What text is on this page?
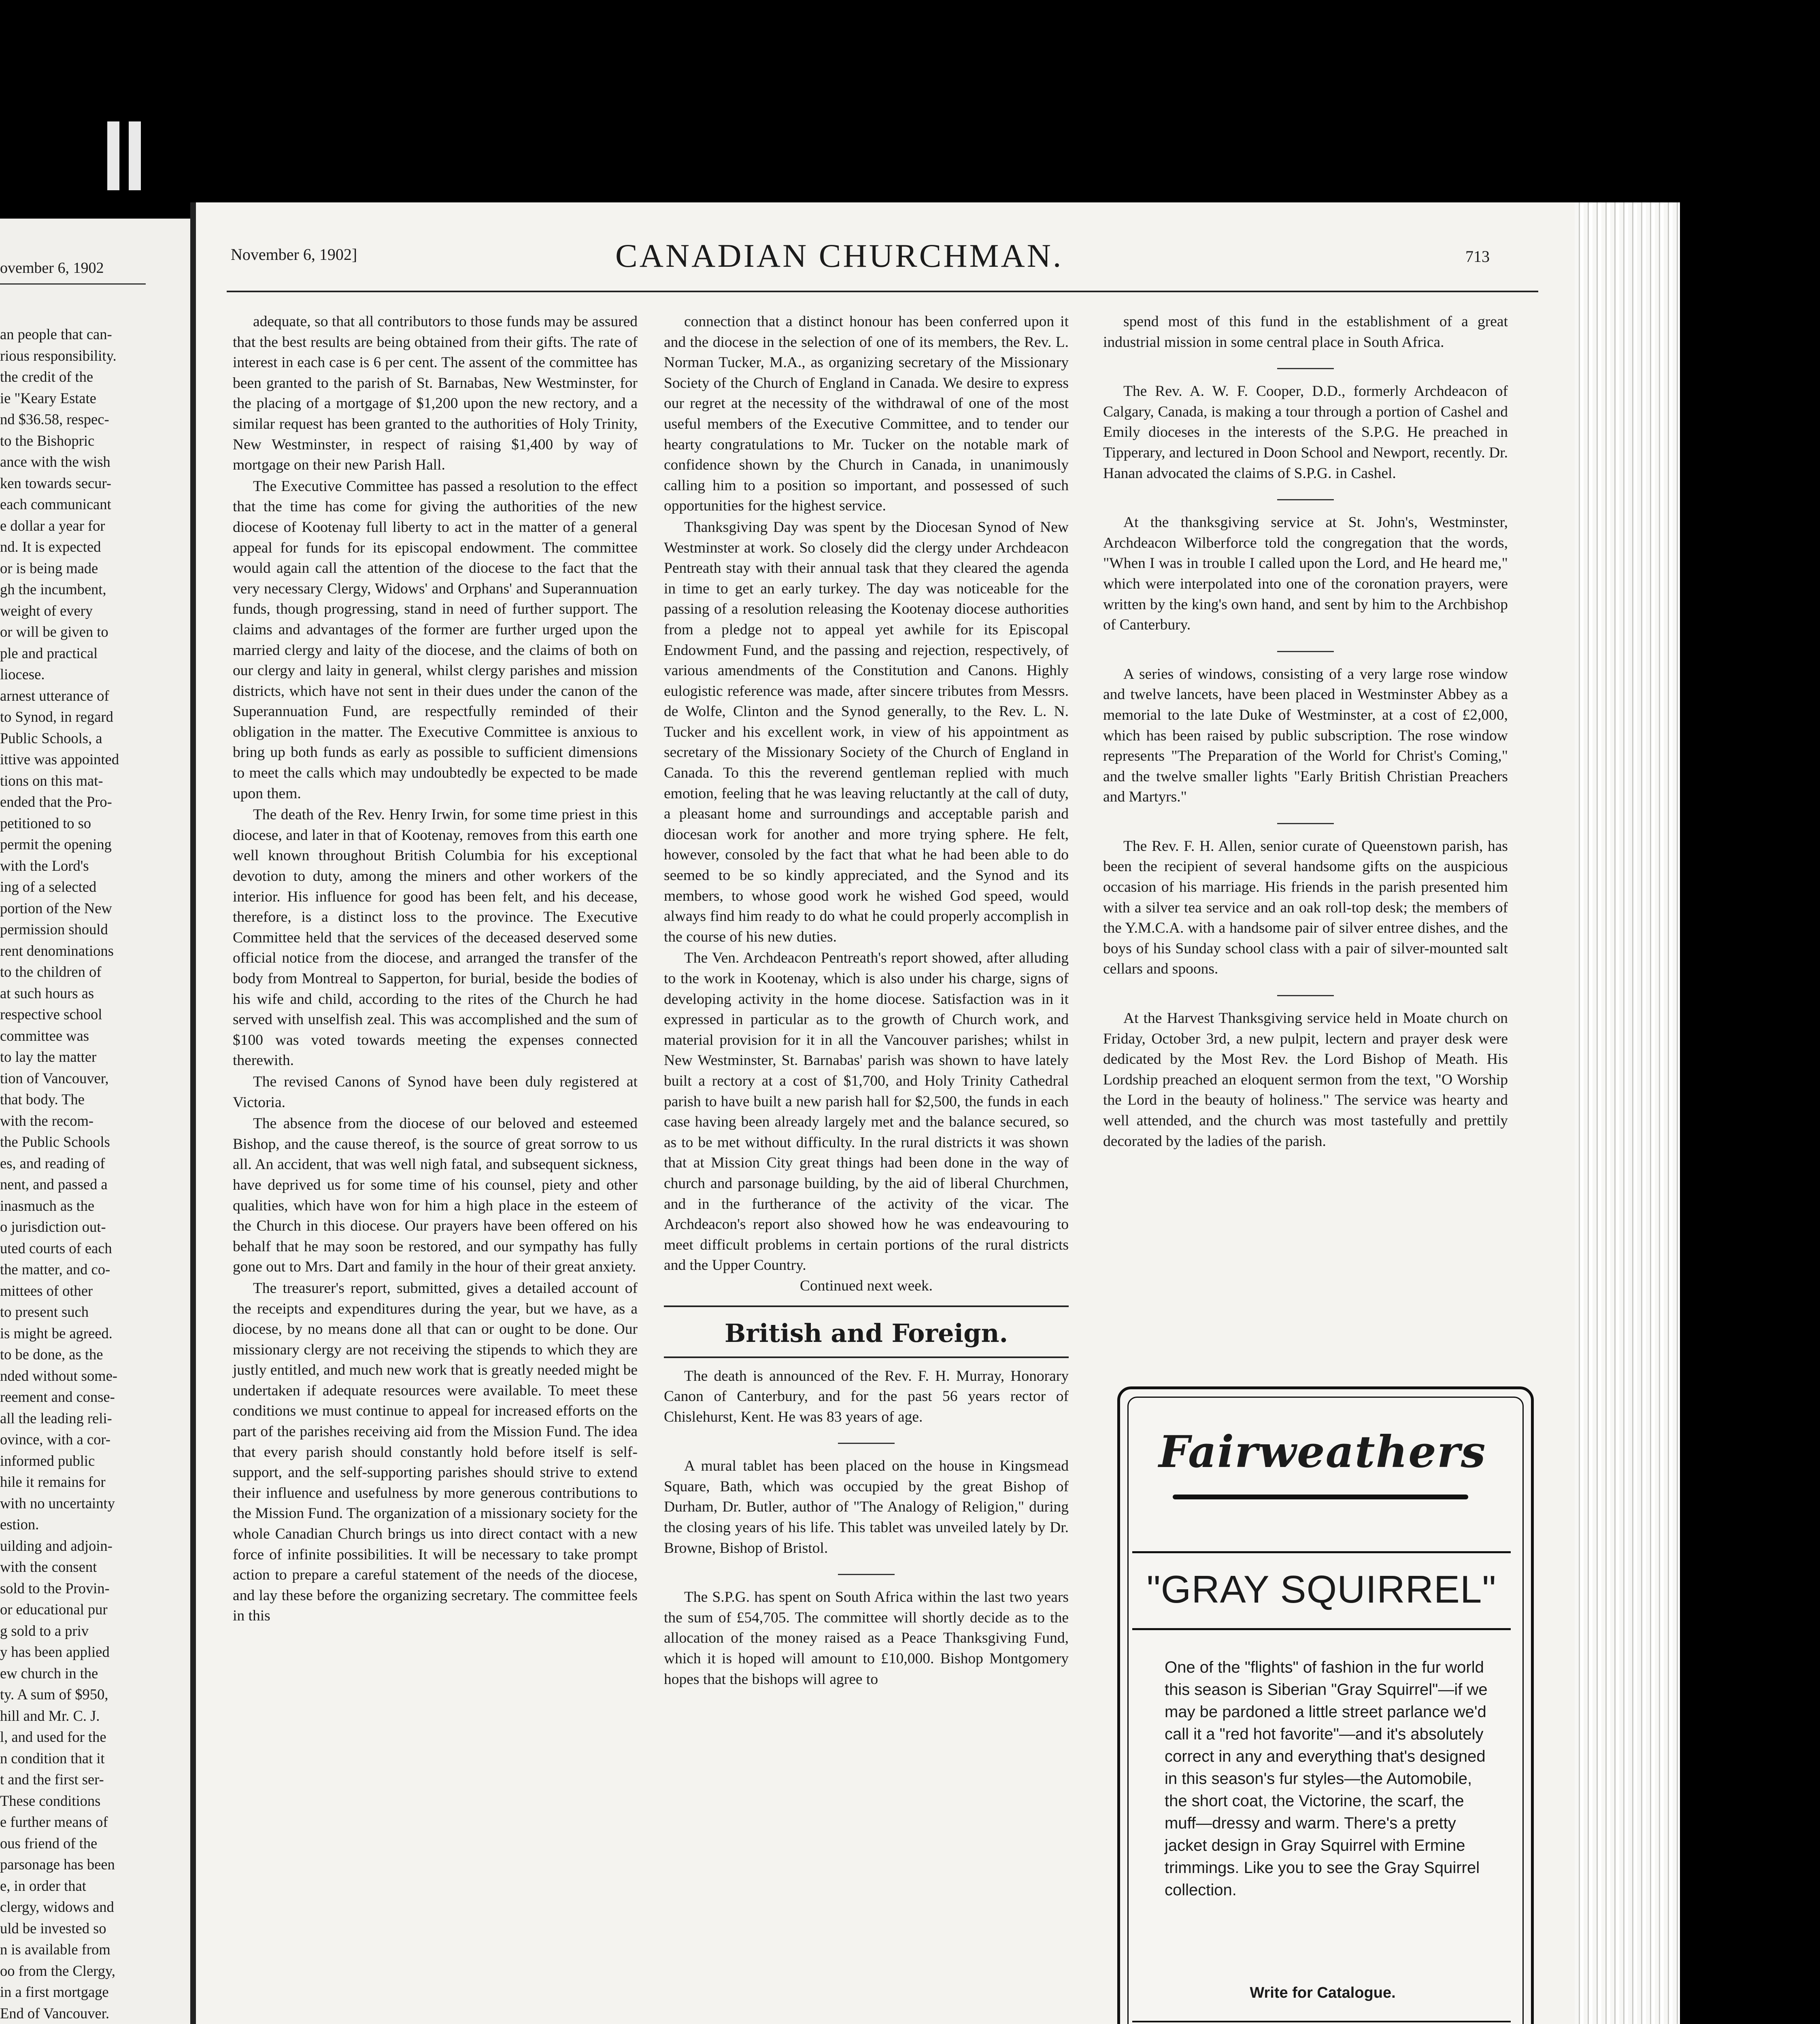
ovember 6, 1902
an people that can-
rious responsibility.
the credit of the
ie "Keary Estate
nd $36.58, respec-
to the Bishopric
ance with the wish
ken towards secur-
each communicant
e dollar a year for
nd. It is expected
or is being made
gh the incumbent,
weight of every
or will be given to
ple and practical
liocese.
arnest utterance of
to Synod, in regard
Public Schools, a
ittive was appointed
tions on this mat-
ended that the Pro-
petitioned to so
permit the opening
with the Lord's
ing of a selected
portion of the New
permission should
rent denominations
to the children of
at such hours as
respective school
committee was
to lay the matter
tion of Vancouver,
that body. The
with the recom-
the Public Schools
es, and reading of
nent, and passed a
inasmuch as the
o jurisdiction out-
uted courts of each
the matter, and co-
mittees of other
to present such
is might be agreed.
to be done, as the
nded without some-
reement and conse-
all the leading reli-
ovince, with a cor-
informed public
hile it remains for
with no uncertainty
estion.
uilding and adjoin-
with the consent
sold to the Provin-
or educational pur
g sold to a priv
y has been applied
ew church in the
ty. A sum of $950,
hill and Mr. C. J.
l, and used for the
n condition that it
t and the first ser-
These conditions
e further means of
ous friend of the
parsonage has been
e, in order that
clergy, widows and
uld be invested so
n is available from
oo from the Clergy,
in a first mortgage
End of Vancouver.
November 6, 1902]	CANADIAN CHURCHMAN.	713

adequate, so that all contributors to those funds may be assured that the best results are being obtained from their gifts. The rate of interest in each case is 6 per cent. The assent of the committee has been granted to the parish of St. Barnabas, New Westminster, for the placing of a mortgage of $1,200 upon the new rectory, and a similar request has been granted to the authorities of Holy Trinity, New Westminster, in respect of raising $1,400 by way of mortgage on their new Parish Hall.

The Executive Committee has passed a resolution to the effect that the time has come for giving the authorities of the new diocese of Kootenay full liberty to act in the matter of a general appeal for funds for its episcopal endowment. The committee would again call the attention of the diocese to the fact that the very necessary Clergy, Widows' and Orphans' and Superannuation funds, though progressing, stand in need of further support. The claims and advantages of the former are further urged upon the married clergy and laity of the diocese, and the claims of both on our clergy and laity in general, whilst clergy parishes and mission districts, which have not sent in their dues under the canon of the Superannuation Fund, are respectfully reminded of their obligation in the matter. The Executive Committee is anxious to bring up both funds as early as possible to sufficient dimensions to meet the calls which may undoubtedly be expected to be made upon them.

The death of the Rev. Henry Irwin, for some time priest in this diocese, and later in that of Kootenay, removes from this earth one well known throughout British Columbia for his exceptional devotion to duty, among the miners and other workers of the interior. His influence for good has been felt, and his decease, therefore, is a distinct loss to the province. The Executive Committee held that the services of the deceased deserved some official notice from the diocese, and arranged the transfer of the body from Montreal to Sapperton, for burial, beside the bodies of his wife and child, according to the rites of the Church he had served with unselfish zeal. This was accomplished and the sum of $100 was voted towards meeting the expenses connected therewith.

The revised Canons of Synod have been duly registered at Victoria.

The absence from the diocese of our beloved and esteemed Bishop, and the cause thereof, is the source of great sorrow to us all. An accident, that was well nigh fatal, and subsequent sickness, have deprived us for some time of his counsel, piety and other qualities, which have won for him a high place in the esteem of the Church in this diocese. Our prayers have been offered on his behalf that he may soon be restored, and our sympathy has fully gone out to Mrs. Dart and family in the hour of their great anxiety.

The treasurer's report, submitted, gives a detailed account of the receipts and expenditures during the year, but we have, as a diocese, by no means done all that can or ought to be done. Our missionary clergy are not receiving the stipends to which they are justly entitled, and much new work that is greatly needed might be undertaken if adequate resources were available. To meet these conditions we must continue to appeal for increased efforts on the part of the parishes receiving aid from the Mission Fund. The idea that every parish should constantly hold before itself is self-support, and the self-supporting parishes should strive to extend their influence and usefulness by more generous contributions to the Mission Fund. The organization of a missionary society for the whole Canadian Church brings us into direct contact with a new force of infinite possibilities. It will be necessary to take prompt action to prepare a careful statement of the needs of the diocese, and lay these before the organizing secretary. The committee feels in this

connection that a distinct honour has been conferred upon it and the diocese in the selection of one of its members, the Rev. L. Norman Tucker, M.A., as organizing secretary of the Missionary Society of the Church of England in Canada. We desire to express our regret at the necessity of the withdrawal of one of the most useful members of the Executive Committee, and to tender our hearty congratulations to Mr. Tucker on the notable mark of confidence shown by the Church in Canada, in unanimously calling him to a position so important, and possessed of such opportunities for the highest service.

Thanksgiving Day was spent by the Diocesan Synod of New Westminster at work. So closely did the clergy under Archdeacon Pentreath stay with their annual task that they cleared the agenda in time to get an early turkey. The day was noticeable for the passing of a resolution releasing the Kootenay diocese authorities from a pledge not to appeal yet awhile for its Episcopal Endowment Fund, and the passing and rejection, respectively, of various amendments of the Constitution and Canons. Highly eulogistic reference was made, after sincere tributes from Messrs. de Wolfe, Clinton and the Synod generally, to the Rev. L. N. Tucker and his excellent work, in view of his appointment as secretary of the Missionary Society of the Church of England in Canada. To this the reverend gentleman replied with much emotion, feeling that he was leaving reluctantly at the call of duty, a pleasant home and surroundings and acceptable parish and diocesan work for another and more trying sphere. He felt, however, consoled by the fact that what he had been able to do seemed to be so kindly appreciated, and the Synod and its members, to whose good work he wished God speed, would always find him ready to do what he could properly accomplish in the course of his new duties.

The Ven. Archdeacon Pentreath's report showed, after alluding to the work in Kootenay, which is also under his charge, signs of developing activity in the home diocese. Satisfaction was in it expressed in particular as to the growth of Church work, and material provision for it in all the Vancouver parishes; whilst in New Westminster, St. Barnabas' parish was shown to have lately built a rectory at a cost of $1,700, and Holy Trinity Cathedral parish to have built a new parish hall for $2,500, the funds in each case having been already largely met and the balance secured, so as to be met without difficulty. In the rural districts it was shown that at Mission City great things had been done in the way of church and parsonage building, by the aid of liberal Churchmen, and in the furtherance of the activity of the vicar. The Archdeacon's report also showed how he was endeavouring to meet difficult problems in certain portions of the rural districts and the Upper Country.

Continued next week.

British and Foreign.

The death is announced of the Rev. F. H. Murray, Honorary Canon of Canterbury, and for the past 56 years rector of Chislehurst, Kent. He was 83 years of age.

A mural tablet has been placed on the house in Kingsmead Square, Bath, which was occupied by the great Bishop of Durham, Dr. Butler, author of "The Analogy of Religion," during the closing years of his life. This tablet was unveiled lately by Dr. Browne, Bishop of Bristol.

The S.P.G. has spent on South Africa within the last two years the sum of £54,705. The committee will shortly decide as to the allocation of the money raised as a Peace Thanksgiving Fund, which it is hoped will amount to £10,000. Bishop Montgomery hopes that the bishops will agree to

spend most of this fund in the establishment of a great industrial mission in some central place in South Africa.

The Rev. A. W. F. Cooper, D.D., formerly Archdeacon of Calgary, Canada, is making a tour through a portion of Cashel and Emily dioceses in the interests of the S.P.G. He preached in Tipperary, and lectured in Doon School and Newport, recently. Dr. Hanan advocated the claims of S.P.G. in Cashel.

At the thanksgiving service at St. John's, Westminster, Archdeacon Wilberforce told the congregation that the words, "When I was in trouble I called upon the Lord, and He heard me," which were interpolated into one of the coronation prayers, were written by the king's own hand, and sent by him to the Archbishop of Canterbury.

A series of windows, consisting of a very large rose window and twelve lancets, have been placed in Westminster Abbey as a memorial to the late Duke of Westminster, at a cost of £2,000, which has been raised by public subscription. The rose window represents "The Preparation of the World for Christ's Coming," and the twelve smaller lights "Early British Christian Preachers and Martyrs."

The Rev. F. H. Allen, senior curate of Queenstown parish, has been the recipient of several handsome gifts on the auspicious occasion of his marriage. His friends in the parish presented him with a silver tea service and an oak roll-top desk; the members of the Y.M.C.A. with a handsome pair of silver entree dishes, and the boys of his Sunday school class with a pair of silver-mounted salt cellars and spoons.

At the Harvest Thanksgiving service held in Moate church on Friday, October 3rd, a new pulpit, lectern and prayer desk were dedicated by the Most Rev. the Lord Bishop of Meath. His Lordship preached an eloquent sermon from the text, "O Worship the Lord in the beauty of holiness." The service was hearty and well attended, and the church was most tastefully and prettily decorated by the ladies of the parish.

Fairweathers
"GRAY SQUIRREL"
One of the "flights" of fashion in the fur world this season is Siberian "Gray Squirrel"—if we may be pardoned a little street parlance we'd call it a "red hot favorite"—and it's absolutely correct in any and everything that's designed in this season's fur styles—the Automobile, the short coat, the Victorine, the scarf, the muff—dressy and warm. There's a pretty jacket design in Gray Squirrel with Ermine trimmings. Like you to see the Gray Squirrel collection.
Write for Catalogue.
